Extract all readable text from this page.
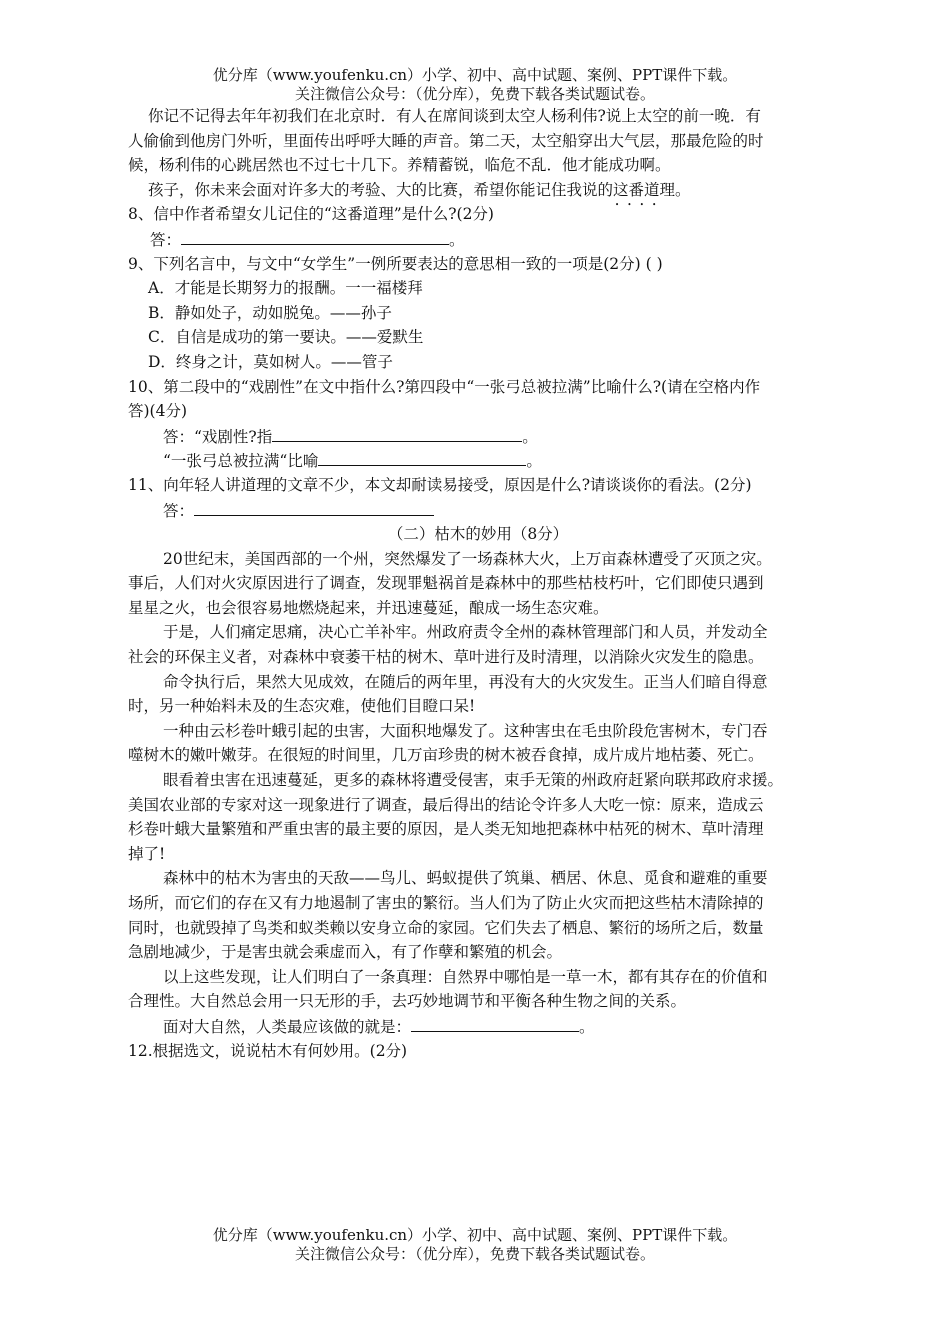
优分库（www.youfenku.cn）小学、初中、高中试题、案例、PPT课件下载。
关注微信公众号：（优分库），免费下载各类试题试卷。
你记不记得去年年初我们在北京时．有人在席间谈到太空人杨利伟?说上太空的前一晚．有
人偷偷到他房门外听，里面传出呼呼大睡的声音。第二天，太空船穿出大气层，那最危险的时
候，杨利伟的心跳居然也不过七十几下。养精蓄锐，临危不乱．他才能成功啊。
孩子，你未来会面对许多大的考验、大的比赛，希望你能记住我说的这番道理 • • • •。
8、信中作者希望女儿记住的“这番道理”是什么?(2分)
答：	。
9、下列名言中，与文中“女学生”一例所要表达的意思相一致的一项是(2分) ( )
A．才能是长期努力的报酬。一一福楼拜
B．静如处子，动如脱兔。——孙子
C．自信是成功的第一要诀。——爱默生
D．终身之计，莫如树人。——管子
10、第二段中的“戏剧性”在文中指什么?第四段中“一张弓总被拉满”比喻什么?(请在空格内作
答)(4分)
答：“戏剧性?指	。
“一张弓总被拉满“比喻	。
11、向年轻人讲道理的文章不少，本文却耐读易接受，原因是什么?请谈谈你的看法。(2分)
答：
（二）枯木的妙用（8分）
20世纪末，美国西部的一个州，突然爆发了一场森林大火，上万亩森林遭受了灭顶之灾。
事后，人们对火灾原因进行了调查，发现罪魁祸首是森林中的那些枯枝朽叶，它们即使只遇到
星星之火，也会很容易地燃烧起来，并迅速蔓延，酿成一场生态灾难。
于是，人们痛定思痛，决心亡羊补牢。州政府责令全州的森林管理部门和人员，并发动全
社会的环保主义者，对森林中衰萎干枯的树木、草叶进行及时清理，以消除火灾发生的隐患。
命令执行后，果然大见成效，在随后的两年里，再没有大的火灾发生。正当人们暗自得意
时，另一种始料未及的生态灾难，使他们目瞪口呆!
一种由云杉卷叶蛾引起的虫害，大面积地爆发了。这种害虫在毛虫阶段危害树木，专门吞
噬树木的嫩叶嫩芽。在很短的时间里，几万亩珍贵的树木被吞食掉，成片成片地枯萎、死亡。
眼看着虫害在迅速蔓延，更多的森林将遭受侵害，束手无策的州政府赶紧向联邦政府求援。
美国农业部的专家对这一现象进行了调查，最后得出的结论令许多人大吃一惊：原来，造成云
杉卷叶蛾大量繁殖和严重虫害的最主要的原因，是人类无知地把森林中枯死的树木、草叶清理
掉了!
森林中的枯木为害虫的天敌——鸟儿、蚂蚁提供了筑巢、栖居、休息、觅食和避难的重要
场所，而它们的存在又有力地遏制了害虫的繁衍。当人们为了防止火灾而把这些枯木清除掉的
同时，也就毁掉了鸟类和蚁类赖以安身立命的家园。它们失去了栖息、繁衍的场所之后，数量
急剧地减少，于是害虫就会乘虚而入，有了作孽和繁殖的机会。
以上这些发现，让人们明白了一条真理：自然界中哪怕是一草一木，都有其存在的价值和
合理性。大自然总会用一只无形的手，去巧妙地调节和平衡各种生物之间的关系。
面对大自然，人类最应该做的就是：	。
12.根据选文，说说枯木有何妙用。(2分)
优分库（www.youfenku.cn）小学、初中、高中试题、案例、PPT课件下载。
关注微信公众号：（优分库），免费下载各类试题试卷。
